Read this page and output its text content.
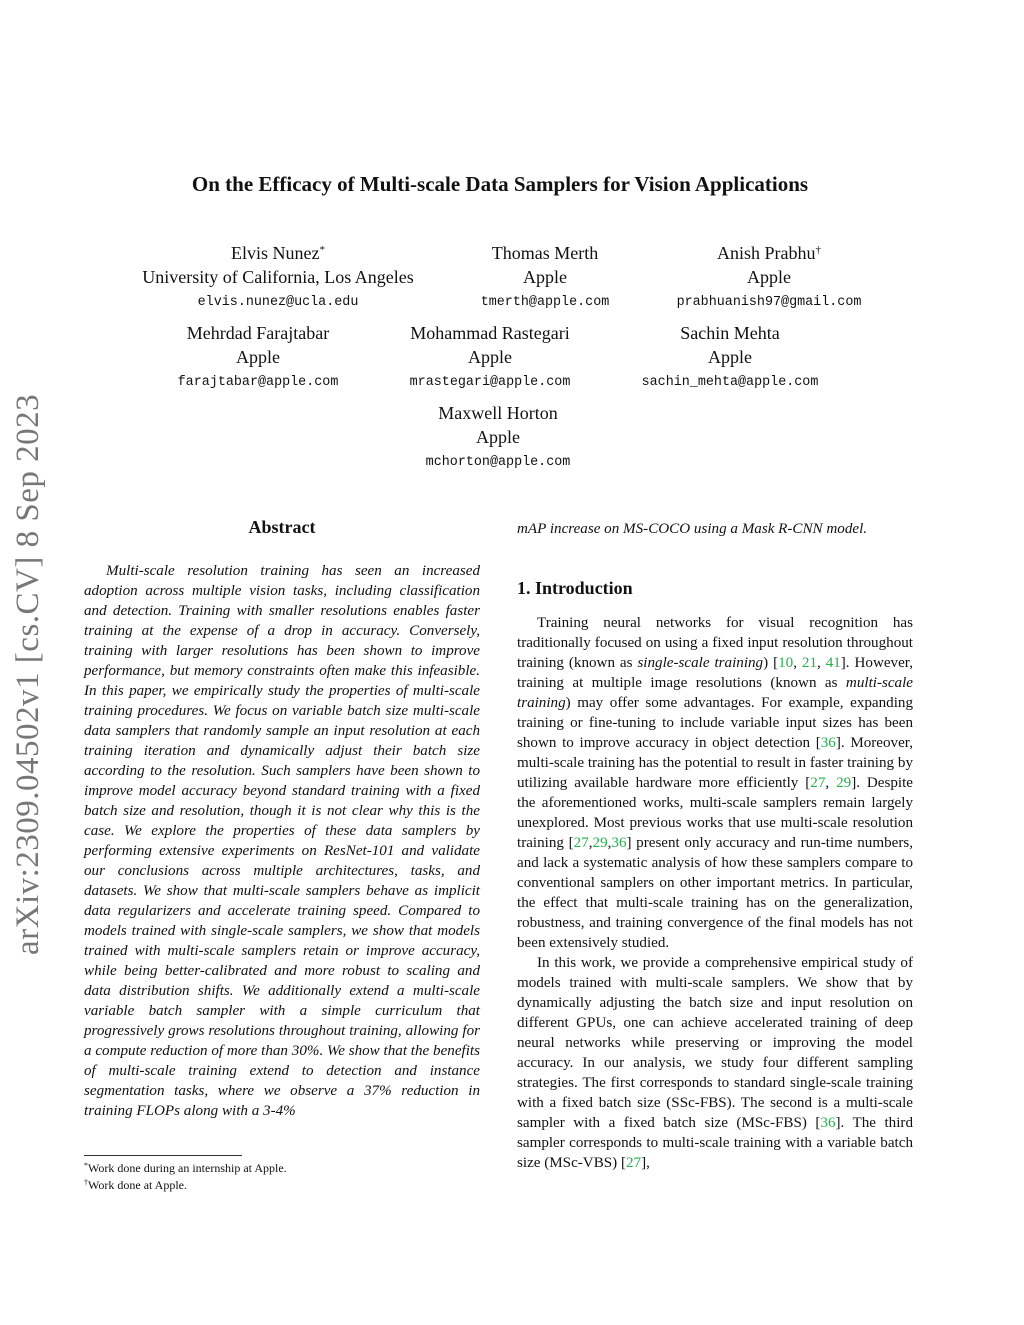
arXiv:2309.04502v1 [cs.CV] 8 Sep 2023
On the Efficacy of Multi-scale Data Samplers for Vision Applications
Elvis Nunez*
University of California, Los Angeles
elvis.nunez@ucla.edu
Thomas Merth
Apple
tmerth@apple.com
Anish Prabhu†
Apple
prabhuanish97@gmail.com
Mehrdad Farajtabar
Apple
farajtabar@apple.com
Mohammad Rastegari
Apple
mrastegari@apple.com
Sachin Mehta
Apple
sachin_mehta@apple.com
Maxwell Horton
Apple
mchorton@apple.com
Abstract

Multi-scale resolution training has seen an increased adoption across multiple vision tasks, including classification and detection. Training with smaller resolutions enables faster training at the expense of a drop in accuracy. Conversely, training with larger resolutions has been shown to improve performance, but memory constraints often make this infeasible. In this paper, we empirically study the properties of multi-scale training procedures. We focus on variable batch size multi-scale data samplers that randomly sample an input resolution at each training iteration and dynamically adjust their batch size according to the resolution. Such samplers have been shown to improve model accuracy beyond standard training with a fixed batch size and resolution, though it is not clear why this is the case. We explore the properties of these data samplers by performing extensive experiments on ResNet-101 and validate our conclusions across multiple architectures, tasks, and datasets. We show that multi-scale samplers behave as implicit data regularizers and accelerate training speed. Compared to models trained with single-scale samplers, we show that models trained with multi-scale samplers retain or improve accuracy, while being better-calibrated and more robust to scaling and data distribution shifts. We additionally extend a multi-scale variable batch sampler with a simple curriculum that progressively grows resolutions throughout training, allowing for a compute reduction of more than 30%. We show that the benefits of multi-scale training extend to detection and instance segmentation tasks, where we observe a 37% reduction in training FLOPs along with a 3-4%

mAP increase on MS-COCO using a Mask R-CNN model.
1. Introduction

Training neural networks for visual recognition has traditionally focused on using a fixed input resolution throughout training (known as single-scale training) [10, 21, 41]. However, training at multiple image resolutions (known as multi-scale training) may offer some advantages. For example, expanding training or fine-tuning to include variable input sizes has been shown to improve accuracy in object detection [36]. Moreover, multi-scale training has the potential to result in faster training by utilizing available hardware more efficiently [27, 29]. Despite the aforementioned works, multi-scale samplers remain largely unexplored. Most previous works that use multi-scale resolution training [27,29,36] present only accuracy and run-time numbers, and lack a systematic analysis of how these samplers compare to conventional samplers on other important metrics. In particular, the effect that multi-scale training has on the generalization, robustness, and training convergence of the final models has not been extensively studied.

In this work, we provide a comprehensive empirical study of models trained with multi-scale samplers. We show that by dynamically adjusting the batch size and input resolution on different GPUs, one can achieve accelerated training of deep neural networks while preserving or improving the model accuracy. In our analysis, we study four different sampling strategies. The first corresponds to standard single-scale training with a fixed batch size (SSc-FBS). The second is a multi-scale sampler with a fixed batch size (MSc-FBS) [36]. The third sampler corresponds to multi-scale training with a variable batch size (MSc-VBS) [27],

*Work done during an internship at Apple.
†Work done at Apple.
